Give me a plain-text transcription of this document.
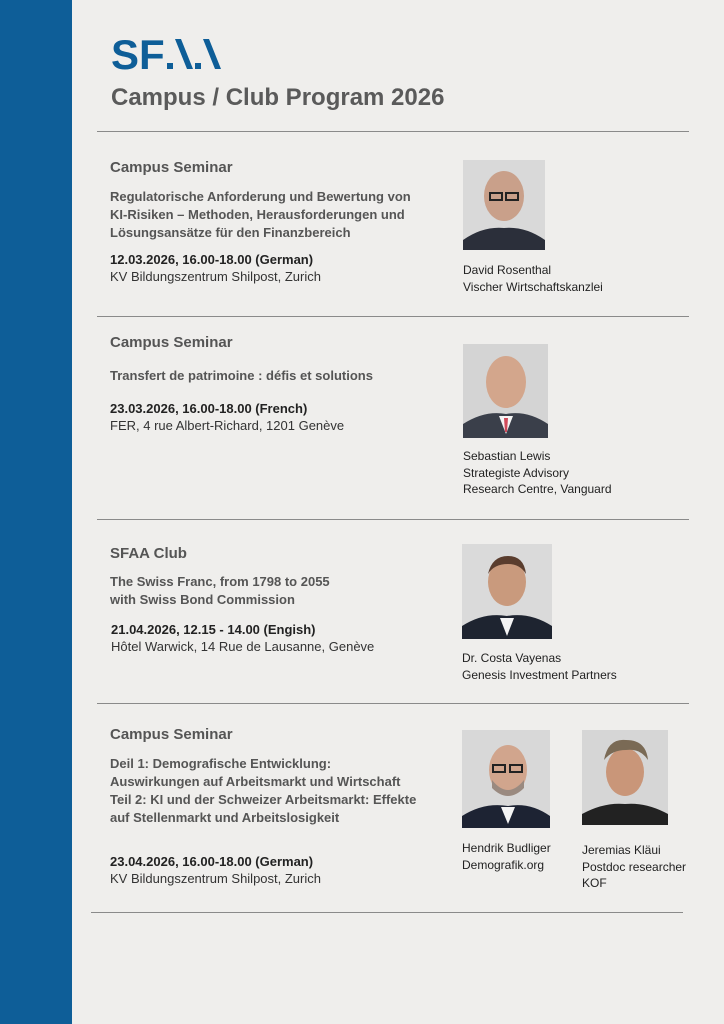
SF
Campus / Club Program 2026

Campus Seminar

Regulatorische Anforderung und Bewertung von
KI-Risiken – Methoden, Herausforderungen und
Lösungsansätze für den Finanzbereich

12.03.2026, 16.00-18.00 (German)

KV Bildungszentrum Shilpost, Zurich	David Rosenthal
Vischer Wirtschaftskanzlei

Campus Seminar

Transfert de patrimoine : défis et solutions

23.03.2026, 16.00-18.00 (French)

FER, 4 rue Albert-Richard, 1201 Genève

Sebastian Lewis
Strategiste Advisory
Research Centre, Vanguard

SFAA Club

The Swiss Franc, from 1798 to 2055
with Swiss Bond Commission

21.04.2026, 12.15 - 14.00 (Engish)

Hôtel Warwick, 14 Rue de Lausanne, Genève

Dr. Costa Vayenas
Genesis Investment Partners

Campus Seminar

Deil 1: Demografische Entwicklung:
Auswirkungen auf Arbeitsmarkt und Wirtschaft
Teil 2: KI und der Schweizer Arbeitsmarkt: Effekte
auf Stellenmarkt und Arbeitslosigkeit

23.04.2026, 16.00-18.00 (German)

KV Bildungszentrum Shilpost, Zurich

Hendrik Budliger
Demografik.org
Jeremias Kläui
Postdoc researcher
KOF
